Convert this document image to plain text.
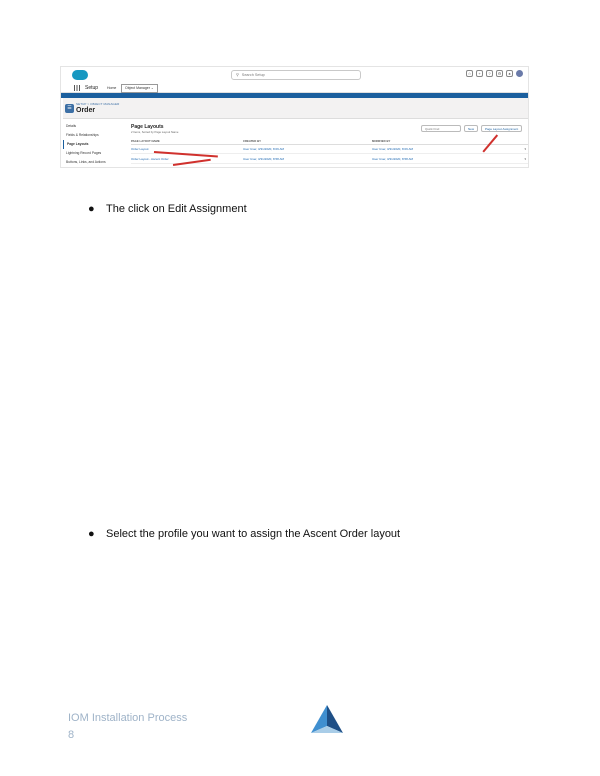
⚲ Search Setup	☆	+	?	⚙	♠
Setup	Home	Object Manager ⌄
☰
SETUP > OBJECT MANAGER
Order
Details
Fields & Relationships
Page Layouts
Lightning Record Pages
Buttons, Links, and Actions
Page Layouts
2 Items, Sorted by Page Layout Name
Quick Find	New	Page Layout Assignment
PAGE LAYOUT NAME	CREATED BY	MODIFIED BY
Order Layout	User User, 3/31/2020, 8:09 AM	User User, 3/31/2020, 8:09 AM	▾
Order Layout - Ascent Order	User User, 3/31/2020, 8:58 AM	User User, 3/31/2020, 8:58 AM	▾
● The click on Edit Assignment
● Select the profile you want to assign the Ascent Order layout
IOM Installation Process
8
